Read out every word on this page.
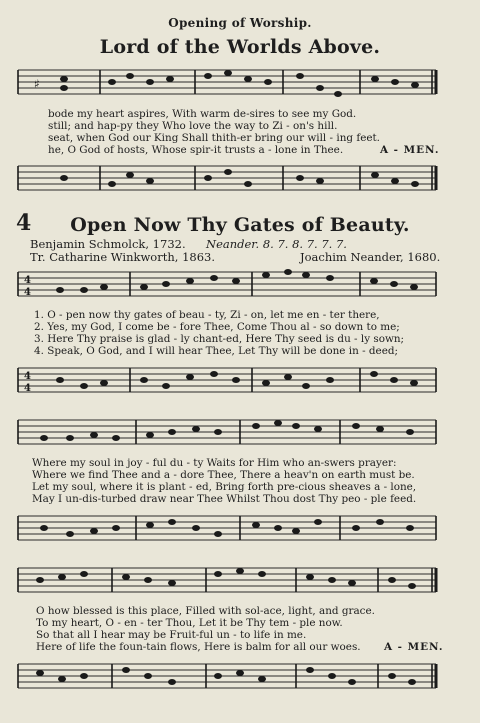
Opening of Worship.
Lord of the Worlds Above.
♯
bode my heart aspires, With warm de-sires to see my God.
still; and hap-py they Who love the way to Zi - on's hill.
seat, when God our King Shall thith-er bring our will - ing feet.
he, O God of hosts, Whose spir-it trusts a - lone in Thee.	A - MEN.
4	Open Now Thy Gates of Beauty.
Benjamin Schmolck, 1732. Neander. 8. 7. 8. 7. 7. 7.
Tr. Catharine Winkworth, 1863.	Joachim Neander, 1680.
4
4
1. O - pen now thy gates of beau - ty, Zi - on, let me en - ter there,
2. Yes, my God, I come be - fore Thee, Come Thou al - so down to me;
3. Here Thy praise is glad - ly chant-ed, Here Thy seed is du - ly sown;
4. Speak, O God, and I will hear Thee, Let Thy will be done in - deed;
4
4
Where my soul in joy - ful du - ty Waits for Him who an-swers prayer:
Where we find Thee and a - dore Thee, There a heav'n on earth must be.
Let my soul, where it is plant - ed, Bring forth pre-cious sheaves a - lone,
May I un-dis-turbed draw near Thee Whilst Thou dost Thy peo - ple feed.
O how blessed is this place, Filled with sol-ace, light, and grace.
To my heart, O - en - ter Thou, Let it be Thy tem - ple now.
So that all I hear may be Fruit-ful un - to life in me.
Here of life the foun-tain flows, Here is balm for all our woes. A - MEN.
